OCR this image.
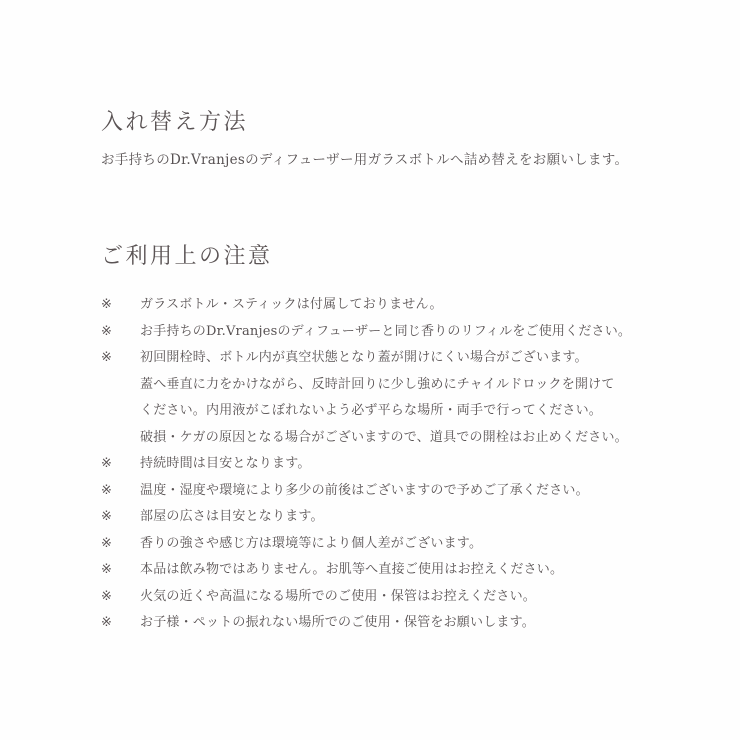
入れ替え方法

お手持ちのDr.Vranjesのディフューザー用ガラスボトルへ詰め替えをお願いします。

ご利用上の注意
※ ガラスボトル・スティックは付属しておりません。
※ お手持ちのDr.Vranjesのディフューザーと同じ香りのリフィルをご使用ください。
※ 初回開栓時、ボトル内が真空状態となり蓋が開けにくい場合がございます。
蓋へ垂直に力をかけながら、反時計回りに少し強めにチャイルドロックを開けて
ください。内用液がこぼれないよう必ず平らな場所・両手で行ってください。
破損・ケガの原因となる場合がございますので、道具での開栓はお止めください。
※ 持続時間は目安となります。
※ 温度・湿度や環境により多少の前後はございますので予めご了承ください。
※ 部屋の広さは目安となります。
※ 香りの強さや感じ方は環境等により個人差がございます。
※ 本品は飲み物ではありません。お肌等へ直接ご使用はお控えください。
※ 火気の近くや高温になる場所でのご使用・保管はお控えください。
※ お子様・ペットの振れない場所でのご使用・保管をお願いします。
